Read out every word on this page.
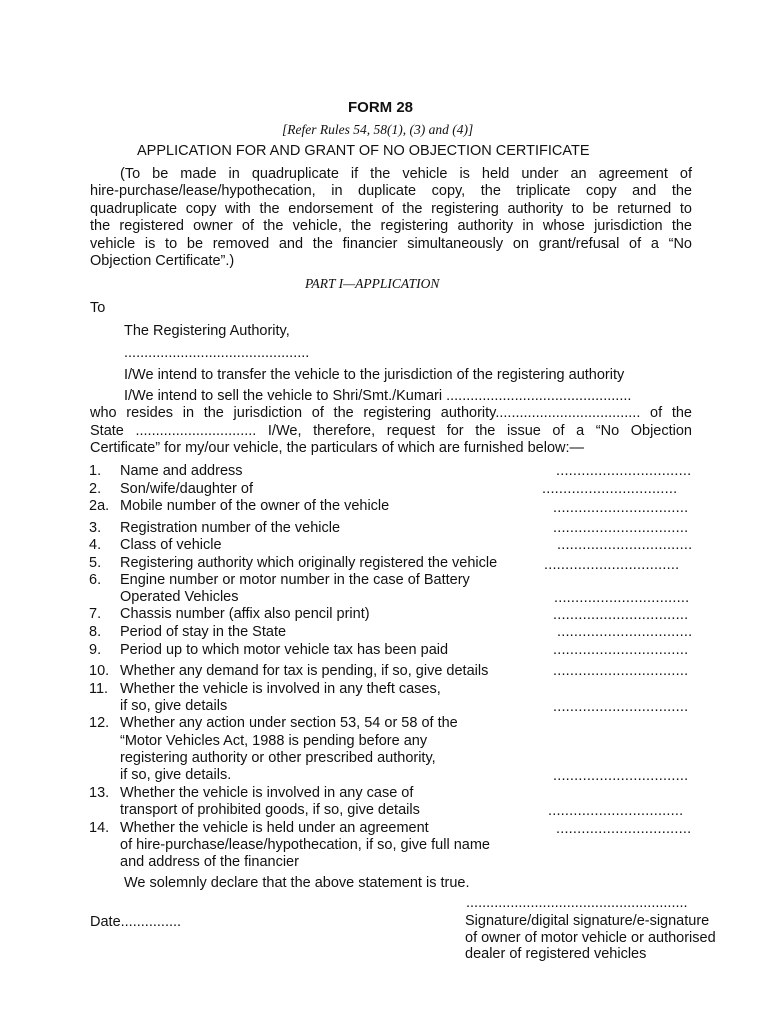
FORM 28
[Refer Rules 54, 58(1), (3) and (4)]
APPLICATION FOR AND GRANT OF NO OBJECTION CERTIFICATE
(To be made in quadruplicate if the vehicle is held under an agreement of
hire-purchase/lease/hypothecation, in duplicate copy, the triplicate copy and the
quadruplicate copy with the endorsement of the registering authority to be returned to
the registered owner of the vehicle, the registering authority in whose jurisdiction the
vehicle is to be removed and the financier simultaneously on grant/refusal of a “No
Objection Certificate”.)
PART I—APPLICATION
To
The Registering Authority,
..............................................
I/We intend to transfer the vehicle to the jurisdiction of the registering authority
I/We intend to sell the vehicle to Shri/Smt./Kumari ..............................................
who resides in the jurisdiction of the registering authority.................................... of the
State .............................. I/We, therefore, request for the issue of a “No Objection
Certificate” for my/our vehicle, the particulars of which are furnished below:—
1. Name and address	................................
2. Son/wife/daughter of	................................
2a. Mobile number of the owner of the vehicle	................................
3. Registration number of the vehicle	................................
4. Class of vehicle	................................
5. Registering authority which originally registered the vehicle	................................
6. Engine number or motor number in the case of Battery
Operated Vehicles	................................
7. Chassis number (affix also pencil print)	................................
8. Period of stay in the State	................................
9. Period up to which motor vehicle tax has been paid	................................
10. Whether any demand for tax is pending, if so, give details	................................
11. Whether the vehicle is involved in any theft cases,
if so, give details	................................
12. Whether any action under section 53, 54 or 58 of the
“Motor Vehicles Act, 1988 is pending before any
registering authority or other prescribed authority,
if so, give details.	................................
13. Whether the vehicle is involved in any case of
transport of prohibited goods, if so, give details	................................
14. Whether the vehicle is held under an agreement
of hire-purchase/lease/hypothecation, if so, give full name
and address of the financier
................................
We solemnly declare that the above statement is true.
.......................................................
Signature/digital signature/e-signature
of owner of motor vehicle or authorised
dealer of registered vehicles
Date...............
